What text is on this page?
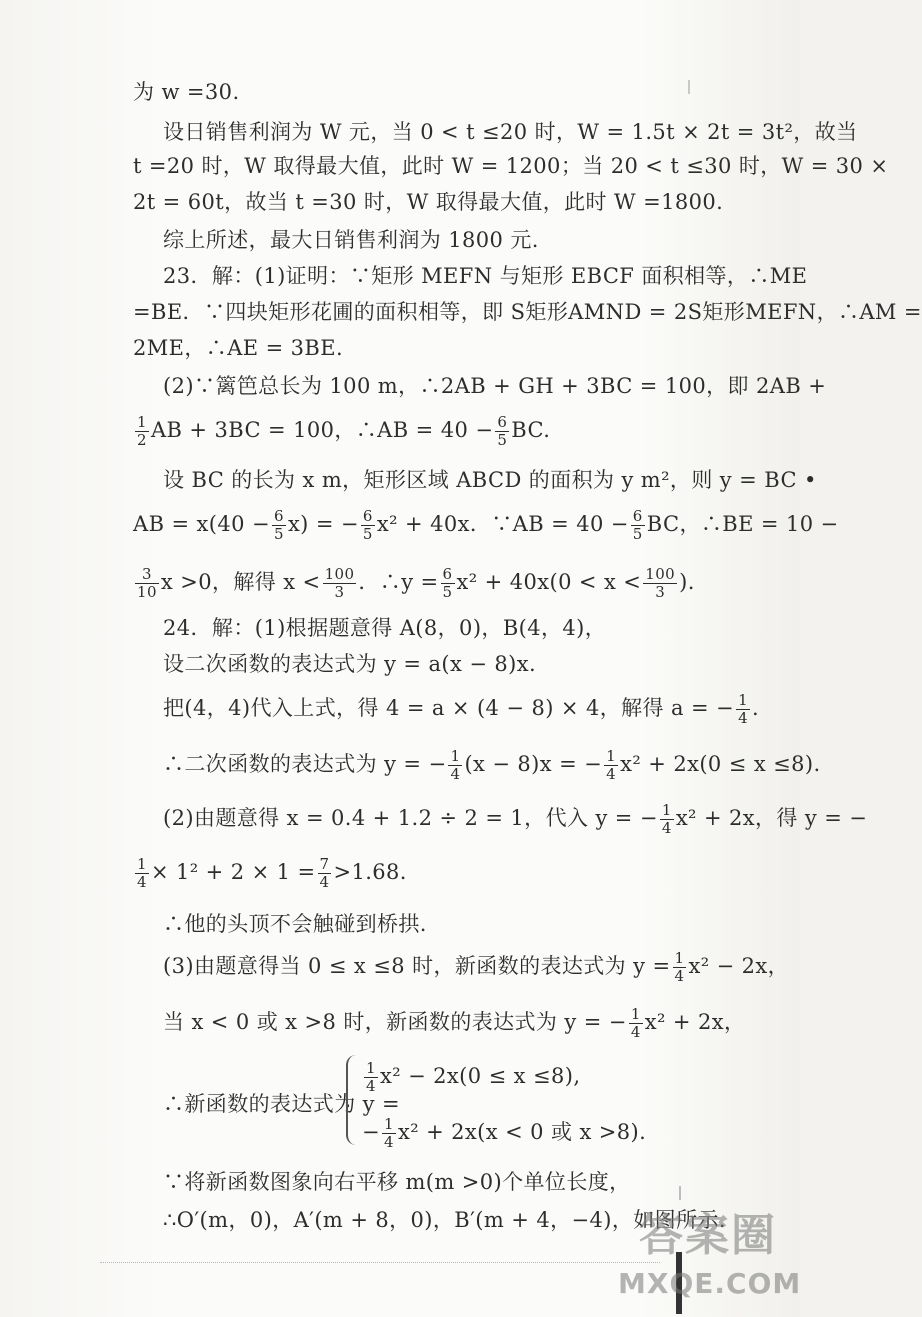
为 w =30.
设日销售利润为 W 元，当 0 < t ≤20 时，W = 1.5t × 2t = 3t²，故当
t =20 时，W 取得最大值，此时 W = 1200；当 20 < t ≤30 时，W = 30 ×
2t = 60t，故当 t =30 时，W 取得最大值，此时 W =1800.
综上所述，最大日销售利润为 1800 元.
23．解：(1)证明：∵矩形 MEFN 与矩形 EBCF 面积相等，∴ME
=BE．∵四块矩形花圃的面积相等，即 S矩形AMND = 2S矩形MEFN，∴AM =
2ME，∴AE = 3BE.
(2)∵篱笆总长为 100 m，∴2AB + GH + 3BC = 100，即 2AB +
$\frac{1}{2}$ AB + 3BC = 100，∴AB = $40 - \frac{6}{5}$ BC.
设 BC 的长为 x m，矩形区域 ABCD 的面积为 y m²，则 y = BC •
AB = $x(40 - \frac{6}{5} x)$ = − $\frac{6}{5} x^2 + 40x$．∵AB = $40 - \frac{6}{5}$ BC，∴BE = 10 −
$\frac{3}{10}$ x >0，解得 $x < \frac{100}{3}$ ．∴y = $\frac{6}{5} x^2 + 40x(0 < x < \frac{100}{3}$ ).
24．解：(1)根据题意得 A(8，0)，B(4，4)，
设二次函数的表达式为 y = a(x − 8)x.
把(4，4)代入上式，得 4 = a × (4 − 8) × 4，解得 a = − $\frac{1}{4}$ .
∴二次函数的表达式为 y = − $\frac{1}{4} (x - 8)x$ = − $\frac{1}{4} x^2 + 2x(0 \le x \le 8)$.
(2)由题意得 x = 0.4 + 1.2 ÷ 2 = 1，代入 y = − $\frac{1}{4} x^2 + 2x$，得 y = −
$\frac{1}{4} \times 1^2 + 2 \times 1 = \frac{7}{4} >1.68$.
∴他的头顶不会触碰到桥拱.
(3)由题意得当 0 ≤ x ≤8 时，新函数的表达式为 $y = \frac{1}{4} x^2 - 2x$，
当 x < 0 或 x >8 时，新函数的表达式为 y = − $\frac{1}{4} x^2 + 2x$，
∴新函数的表达式为 y =
$\frac{1}{4} x^2 - 2x(0 \le x \le 8)$,
− $\frac{1}{4} x^2 + 2x(x < 0$ 或 x >8).
∵将新函数图象向右平移 m(m >0)个单位长度，
∴O′(m，0)，A′(m + 8，0)，B′(m + 4，−4)，如图所示.
答案圈
MXQE.COM
